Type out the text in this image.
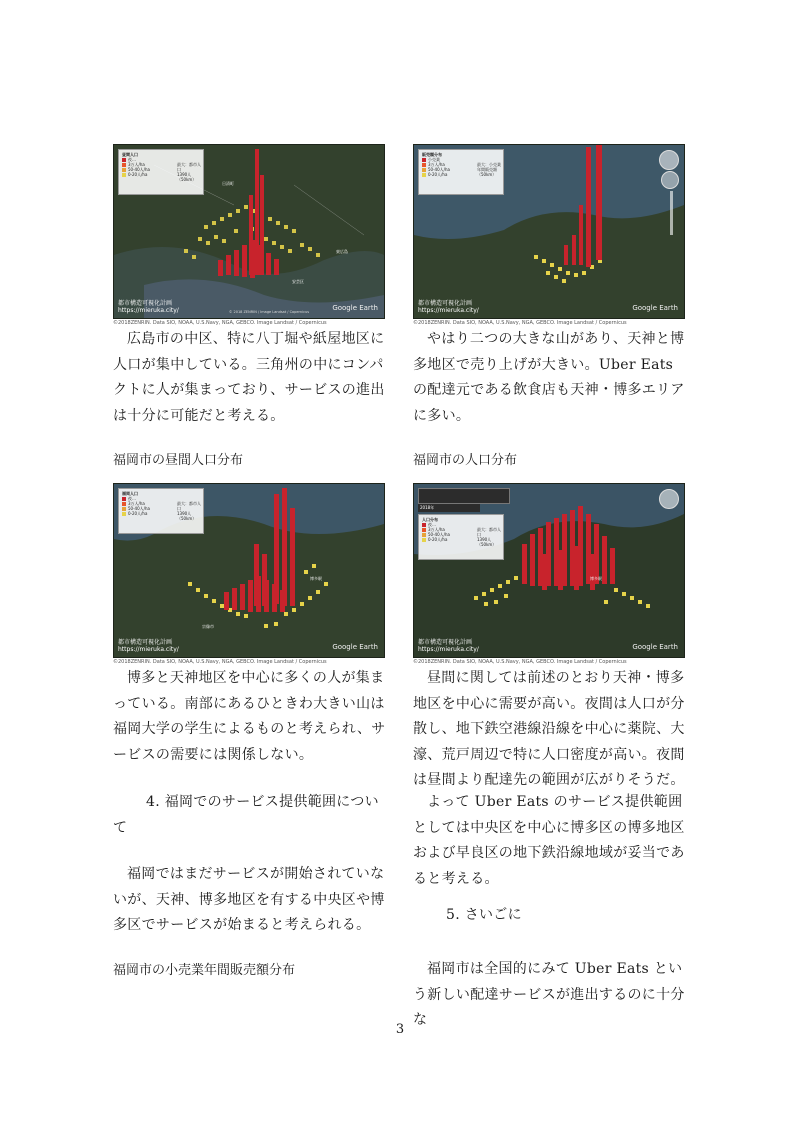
昼間人口
夜…
3万人/ha
50-40人/ha
0-20人/ha
最大：都市人口
1390人
（50km）
日清町
安芸区
東広島
© 2018 ZENRIN / Image Landsat / Copernicus
都市構造可視化計画
https://mieruka.city/	Google Earth
©2018ZENRIN. Data SIO, NOAA, U.S.Navy, NGA, GEBCO. Image Landsat / Copernicus

広島市の中区、特に八丁堀や紙屋地区に人口が集中している。三角州の中にコンパクトに人が集まっており、サービスの進出は十分に可能だと考える。

福岡市の昼間人口分布

福岡人口
夜…
3万人/ha
50-40人/ha
0-20人/ha
最大：都市人口
1390人
（50km）
博多駅
宗像市
都市構造可視化計画
https://mieruka.city/	Google Earth
©2018ZENRIN. Data SIO, NOAA, U.S.Navy, NGA, GEBCO. Image Landsat / Copernicus

博多と天神地区を中心に多くの人が集まっている。南部にあるひときわ大きい山は福岡大学の学生によるものと考えられ、サービスの需要には関係しない。

4. 福岡でのサービス提供範囲について

福岡ではまだサービスが開始されていないが、天神、博多地区を有する中央区や博多区でサービスが始まると考えられる。

福岡市の小売業年間販売額分布

販売額分布
小売業
3万人/ha
50-40人/ha
0-20人/ha
最大：小売業
年間販売額
（50km）
都市構造可視化計画
https://mieruka.city/	Google Earth
©2018ZENRIN. Data SIO, NOAA, U.S.Navy, NGA, GEBCO. Image Landsat / Copernicus

やはり二つの大きな山があり、天神と博多地区で売り上げが大きい。Uber Eats の配達元である飲食店も天神・博多エリアに多い。

福岡市の人口分布

2018年
人口分布
夜…
3万人/ha
50-40人/ha
0-20人/ha
最大：都市人口
1390人
（50km）
博多駅
都市構造可視化計画
https://mieruka.city/	Google Earth
©2018ZENRIN. Data SIO, NOAA, U.S.Navy, NGA, GEBCO. Image Landsat / Copernicus

昼間に関しては前述のとおり天神・博多地区を中心に需要が高い。夜間は人口が分散し、地下鉄空港線沿線を中心に薬院、大濠、荒戸周辺で特に人口密度が高い。夜間は昼間より配達先の範囲が広がりそうだ。

よって Uber Eats のサービス提供範囲としては中央区を中心に博多区の博多地区および早良区の地下鉄沿線地域が妥当であると考える。

5. さいごに

福岡市は全国的にみて Uber Eats という新しい配達サービスが進出するのに十分な

3
